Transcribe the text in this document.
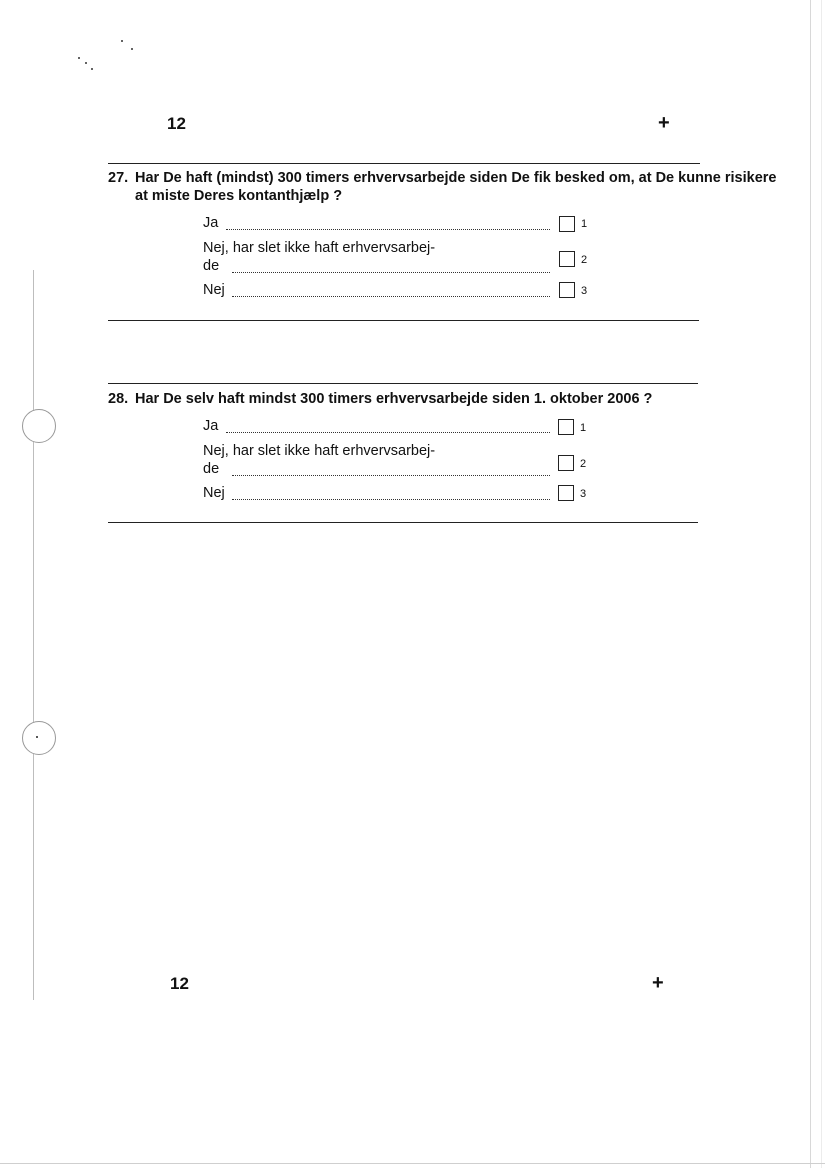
12	+
27. Har De haft (mindst) 300 timers erhvervsarbejde siden De fik besked om, at De kunne risikere at miste Deres kontanthjælp ?
Ja	1
Nej, har slet ikke haft erhvervsarbej-
de	2
Nej	3
28. Har De selv haft mindst 300 timers erhvervsarbejde siden 1. oktober 2006 ?
Ja	1
Nej, har slet ikke haft erhvervsarbej-
de	2
Nej	3
12	+
